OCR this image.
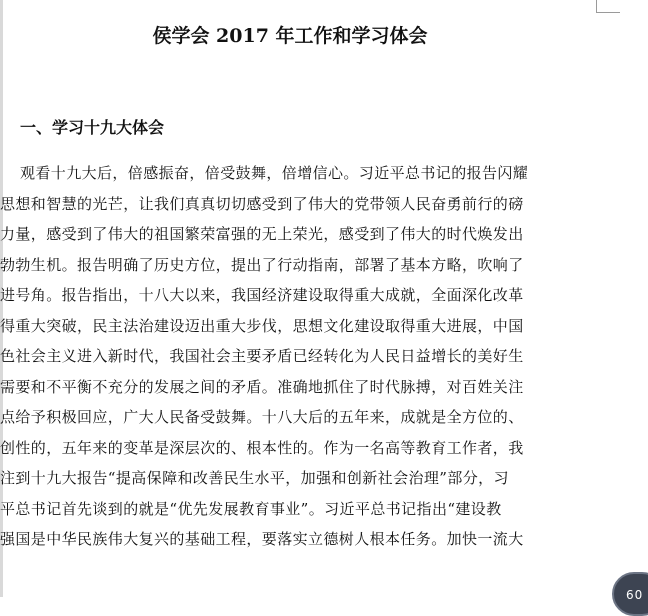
侯学会 2017 年工作和学习体会
一、学习十九大体会
观看十九大后，倍感振奋，倍受鼓舞，倍增信心。习近平总书记的报告闪耀
思想和智慧的光芒，让我们真真切切感受到了伟大的党带领人民奋勇前行的磅
力量，感受到了伟大的祖国繁荣富强的无上荣光，感受到了伟大的时代焕发出
勃勃生机。报告明确了历史方位，提出了行动指南，部署了基本方略，吹响了
进号角。报告指出，十八大以来，我国经济建设取得重大成就，全面深化改革
得重大突破，民主法治建设迈出重大步伐，思想文化建设取得重大进展，中国
色社会主义进入新时代，我国社会主要矛盾已经转化为人民日益增长的美好生
需要和不平衡不充分的发展之间的矛盾。准确地抓住了时代脉搏，对百姓关注
点给予积极回应，广大人民备受鼓舞。十八大后的五年来，成就是全方位的、
创性的，五年来的变革是深层次的、根本性的。作为一名高等教育工作者，我
注到十九大报告“提高保障和改善民生水平，加强和创新社会治理”部分，习
平总书记首先谈到的就是“优先发展教育事业”。习近平总书记指出“建设教
强国是中华民族伟大复兴的基础工程，要落实立德树人根本任务。加快一流大
60
